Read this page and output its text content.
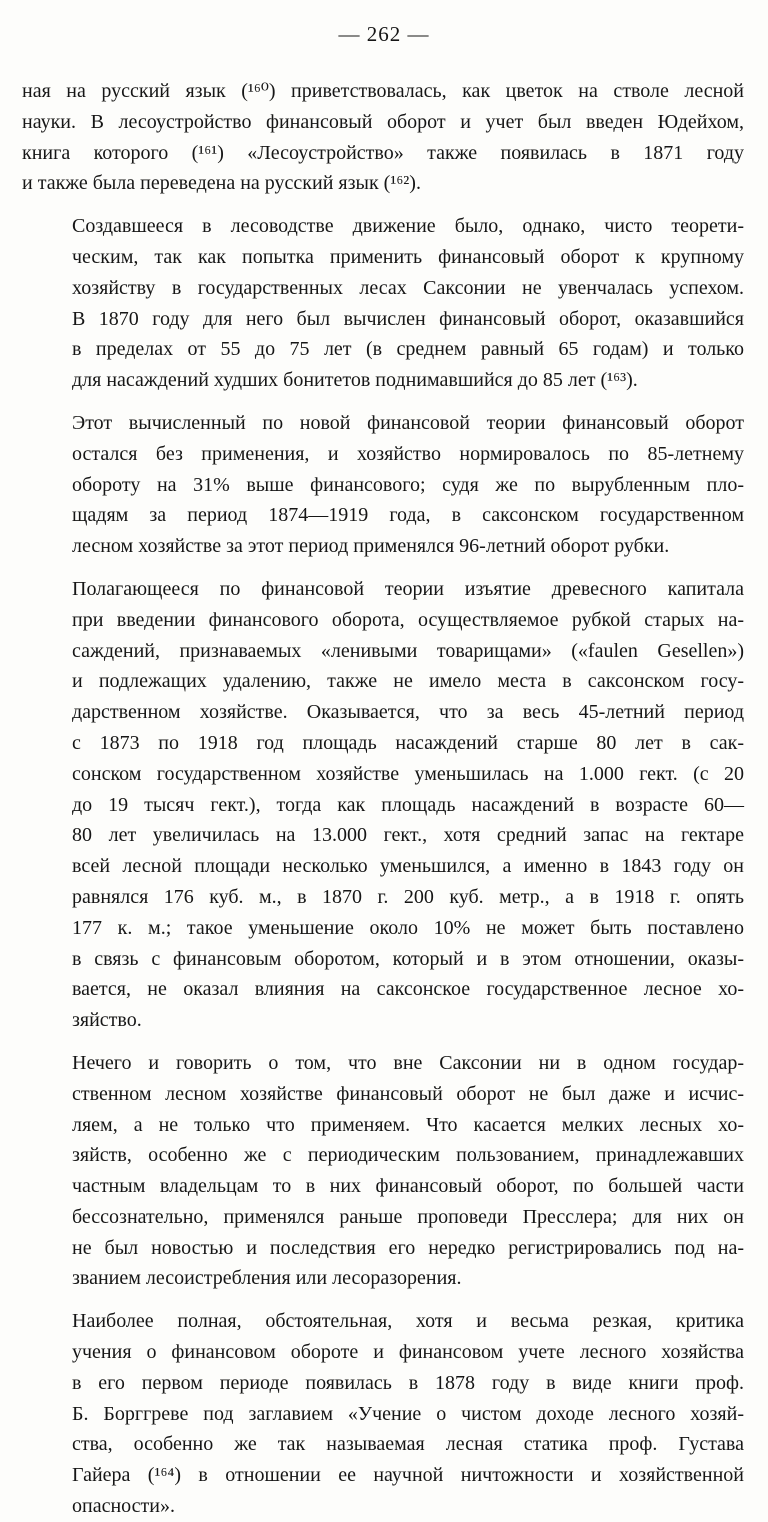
— 262 —

ная на русский язык (¹⁶⁰) приветствовалась, как цветок на стволе лесной
науки. В лесоустройство финансовый оборот и учет был введен Юдейхом,
книга которого (¹⁶¹) «Лесоустройство» также появилась в 1871 году
и также была переведена на русский язык (¹⁶²).

Создавшееся в лесоводстве движение было, однако, чисто теорети-
ческим, так как попытка применить финансовый оборот к крупному
хозяйству в государственных лесах Саксонии не увенчалась успехом.
В 1870 году для него был вычислен финансовый оборот, оказавшийся
в пределах от 55 до 75 лет (в среднем равный 65 годам) и только
для насаждений худших бонитетов поднимавшийся до 85 лет (¹⁶³).

Этот вычисленный по новой финансовой теории финансовый оборот
остался без применения, и хозяйство нормировалось по 85-летнему
обороту на 31% выше финансового; судя же по вырубленным пло-
щадям за период 1874—1919 года, в саксонском государственном
лесном хозяйстве за этот период применялся 96-летний оборот рубки.

Полагающееся по финансовой теории изъятие древесного капитала
при введении финансового оборота, осуществляемое рубкой старых на-
саждений, признаваемых «ленивыми товарищами» («faulen Gesellen»)
и подлежащих удалению, также не имело места в саксонском госу-
дарственном хозяйстве. Оказывается, что за весь 45-летний период
с 1873 по 1918 год площадь насаждений старше 80 лет в сак-
сонском государственном хозяйстве уменьшилась на 1.000 гект. (с 20
до 19 тысяч гект.), тогда как площадь насаждений в возрасте 60—
80 лет увеличилась на 13.000 гект., хотя средний запас на гектаре
всей лесной площади несколько уменьшился, а именно в 1843 году он
равнялся 176 куб. м., в 1870 г. 200 куб. метр., а в 1918 г. опять
177 к. м.; такое уменьшение около 10% не может быть поставлено
в связь с финансовым оборотом, который и в этом отношении, оказы-
вается, не оказал влияния на саксонское государственное лесное хо-
зяйство.

Нечего и говорить о том, что вне Саксонии ни в одном государ-
ственном лесном хозяйстве финансовый оборот не был даже и исчис-
ляем, а не только что применяем. Что касается мелких лесных хо-
зяйств, особенно же с периодическим пользованием, принадлежавших
частным владельцам то в них финансовый оборот, по большей части
бессознательно, применялся раньше проповеди Пресслера; для них он
не был новостью и последствия его нередко регистрировались под на-
званием лесоистребления или лесоразорения.

Наиболее полная, обстоятельная, хотя и весьма резкая, критика
учения о финансовом обороте и финансовом учете лесного хозяйства
в его первом периоде появилась в 1878 году в виде книги проф.
Б. Борггреве под заглавием «Учение о чистом доходе лесного хозяй-
ства, особенно же так называемая лесная статика проф. Густава
Гайера (¹⁶⁴) в отношении ее научной ничтожности и хозяйственной
опасности».
